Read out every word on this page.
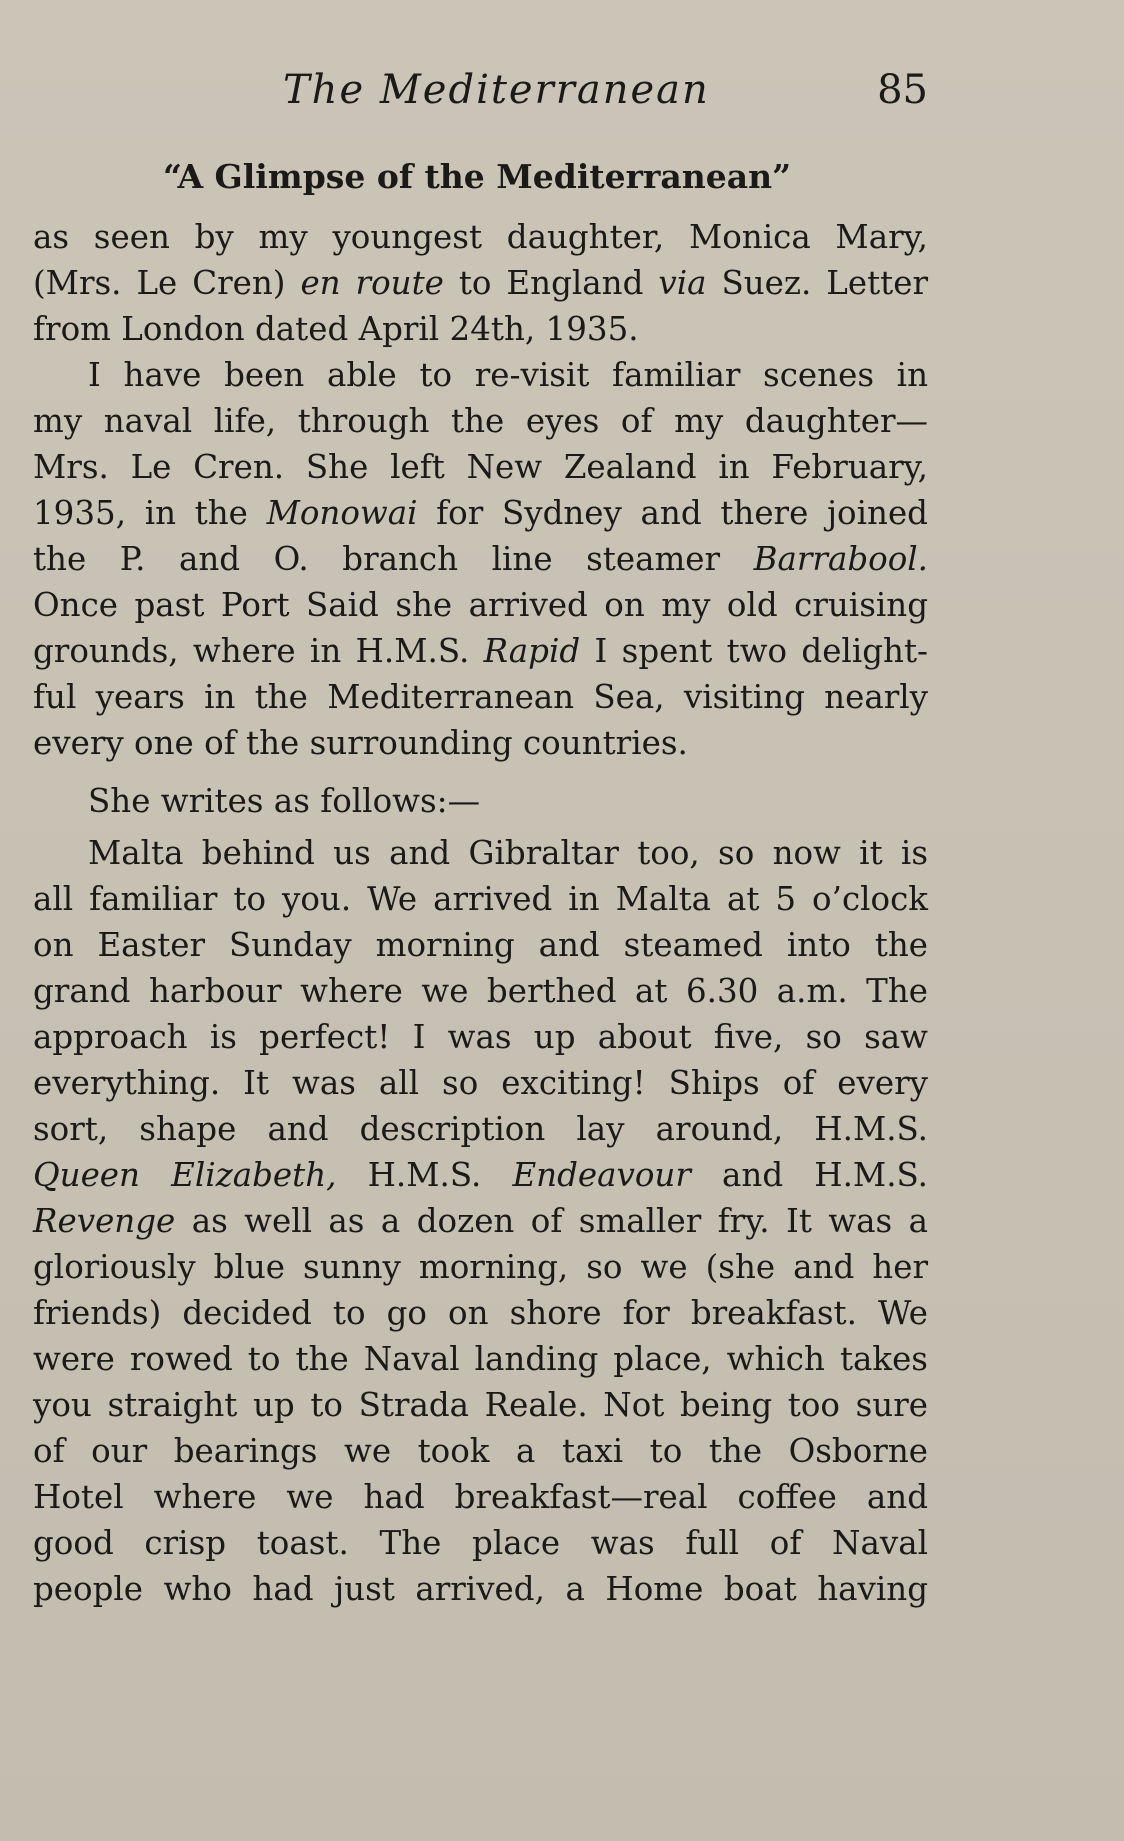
The Mediterranean	85
“A Glimpse of the Mediterranean”
as seen by my youngest daughter, Monica Mary,
(Mrs. Le Cren) en route to England via Suez. Letter
from London dated April 24th, 1935.
I have been able to re-visit familiar scenes in
my naval life, through the eyes of my daughter—
Mrs. Le Cren. She left New Zealand in February,
1935, in the Monowai for Sydney and there joined
the P. and O. branch line steamer Barrabool.
Once past Port Said she arrived on my old cruising
grounds, where in H.M.S. Rapid I spent two delight-
ful years in the Mediterranean Sea, visiting nearly
every one of the surrounding countries.
She writes as follows:—
Malta behind us and Gibraltar too, so now it is
all familiar to you. We arrived in Malta at 5 o’clock
on Easter Sunday morning and steamed into the
grand harbour where we berthed at 6.30 a.m. The
approach is perfect! I was up about five, so saw
everything. It was all so exciting! Ships of every
sort, shape and description lay around, H.M.S.
Queen Elizabeth, H.M.S. Endeavour and H.M.S.
Revenge as well as a dozen of smaller fry. It was a
gloriously blue sunny morning, so we (she and her
friends) decided to go on shore for breakfast. We
were rowed to the Naval landing place, which takes
you straight up to Strada Reale. Not being too sure
of our bearings we took a taxi to the Osborne
Hotel where we had breakfast—real coffee and
good crisp toast. The place was full of Naval
people who had just arrived, a Home boat having
